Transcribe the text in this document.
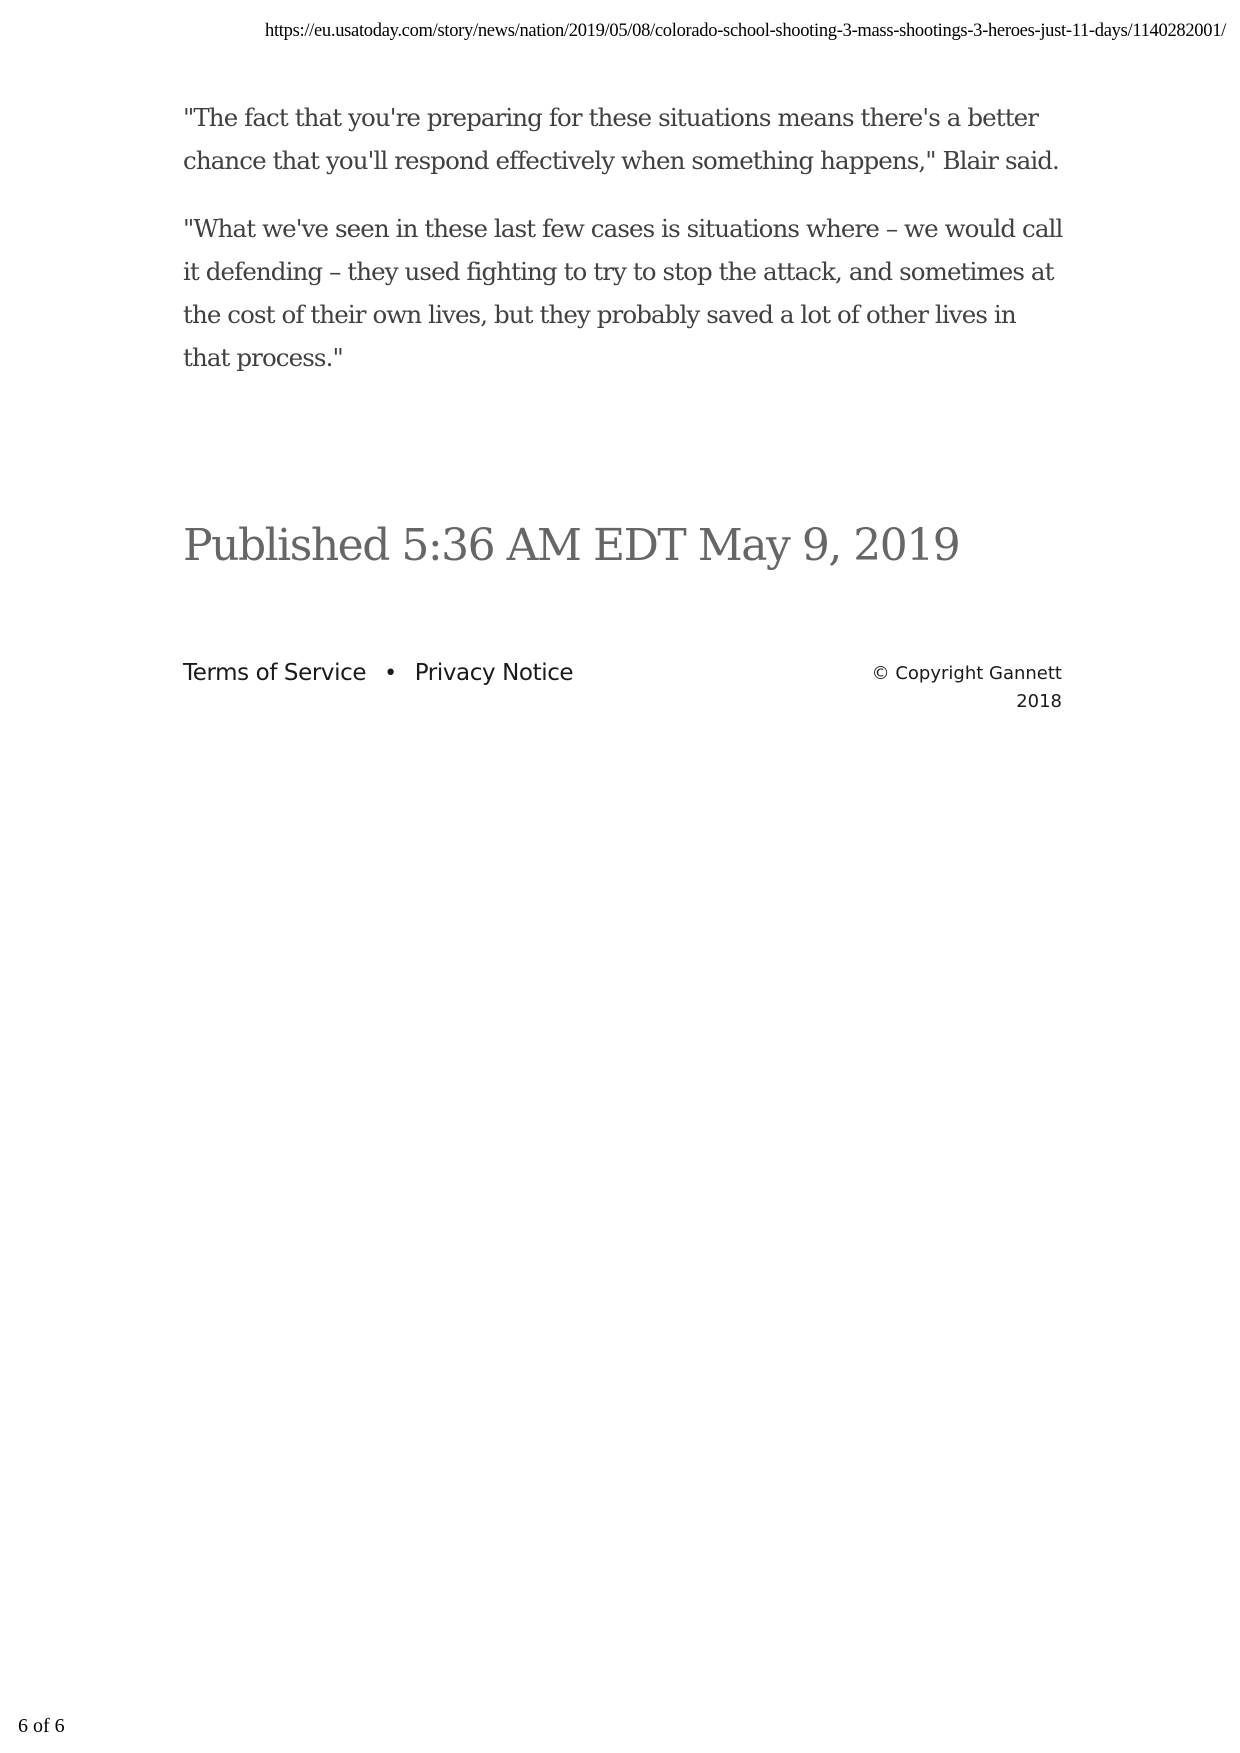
https://eu.usatoday.com/story/news/nation/2019/05/08/colorado-school-shooting-3-mass-shootings-3-heroes-just-11-days/1140282001/

"The fact that you're preparing for these situations means there's a better chance that you'll respond effectively when something happens," Blair said.

"What we've seen in these last few cases is situations where – we would call it defending – they used fighting to try to stop the attack, and sometimes at the cost of their own lives, but they probably saved a lot of other lives in that process."

Published 5:36 AM EDT May 9, 2019
Terms of Service • Privacy Notice	© Copyright Gannett
2018
6 of 6
